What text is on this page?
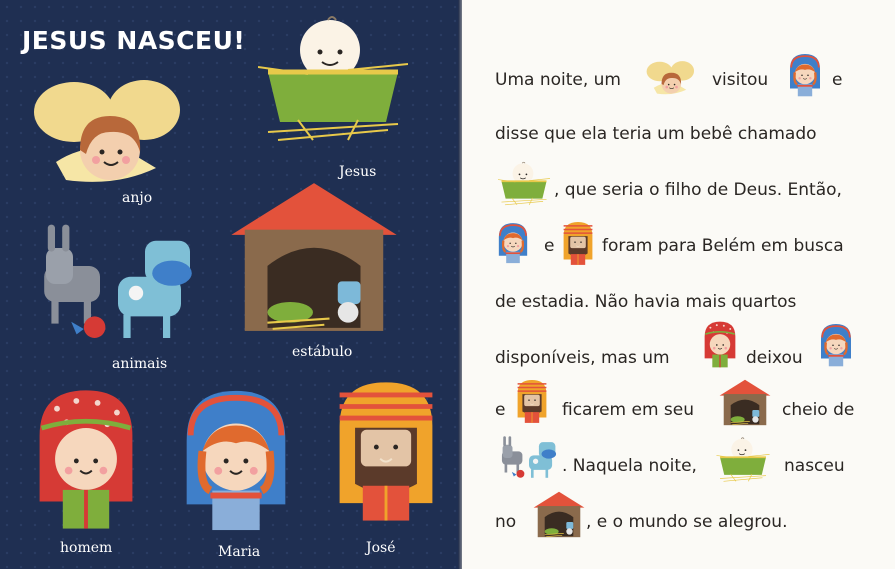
JESUS NASCEU!
anjo
Jesus
animais
estábulo
homem	Maria	José
Uma noite, um	visitou	e
disse que ela teria um bebê chamado
, que seria o filho de Deus. Então,
e	foram para Belém em busca
de estadia. Não havia mais quartos
disponíveis, mas um	deixou
e	ficarem em seu	cheio de
. Naquela noite,	nasceu
no	, e o mundo se alegrou.
